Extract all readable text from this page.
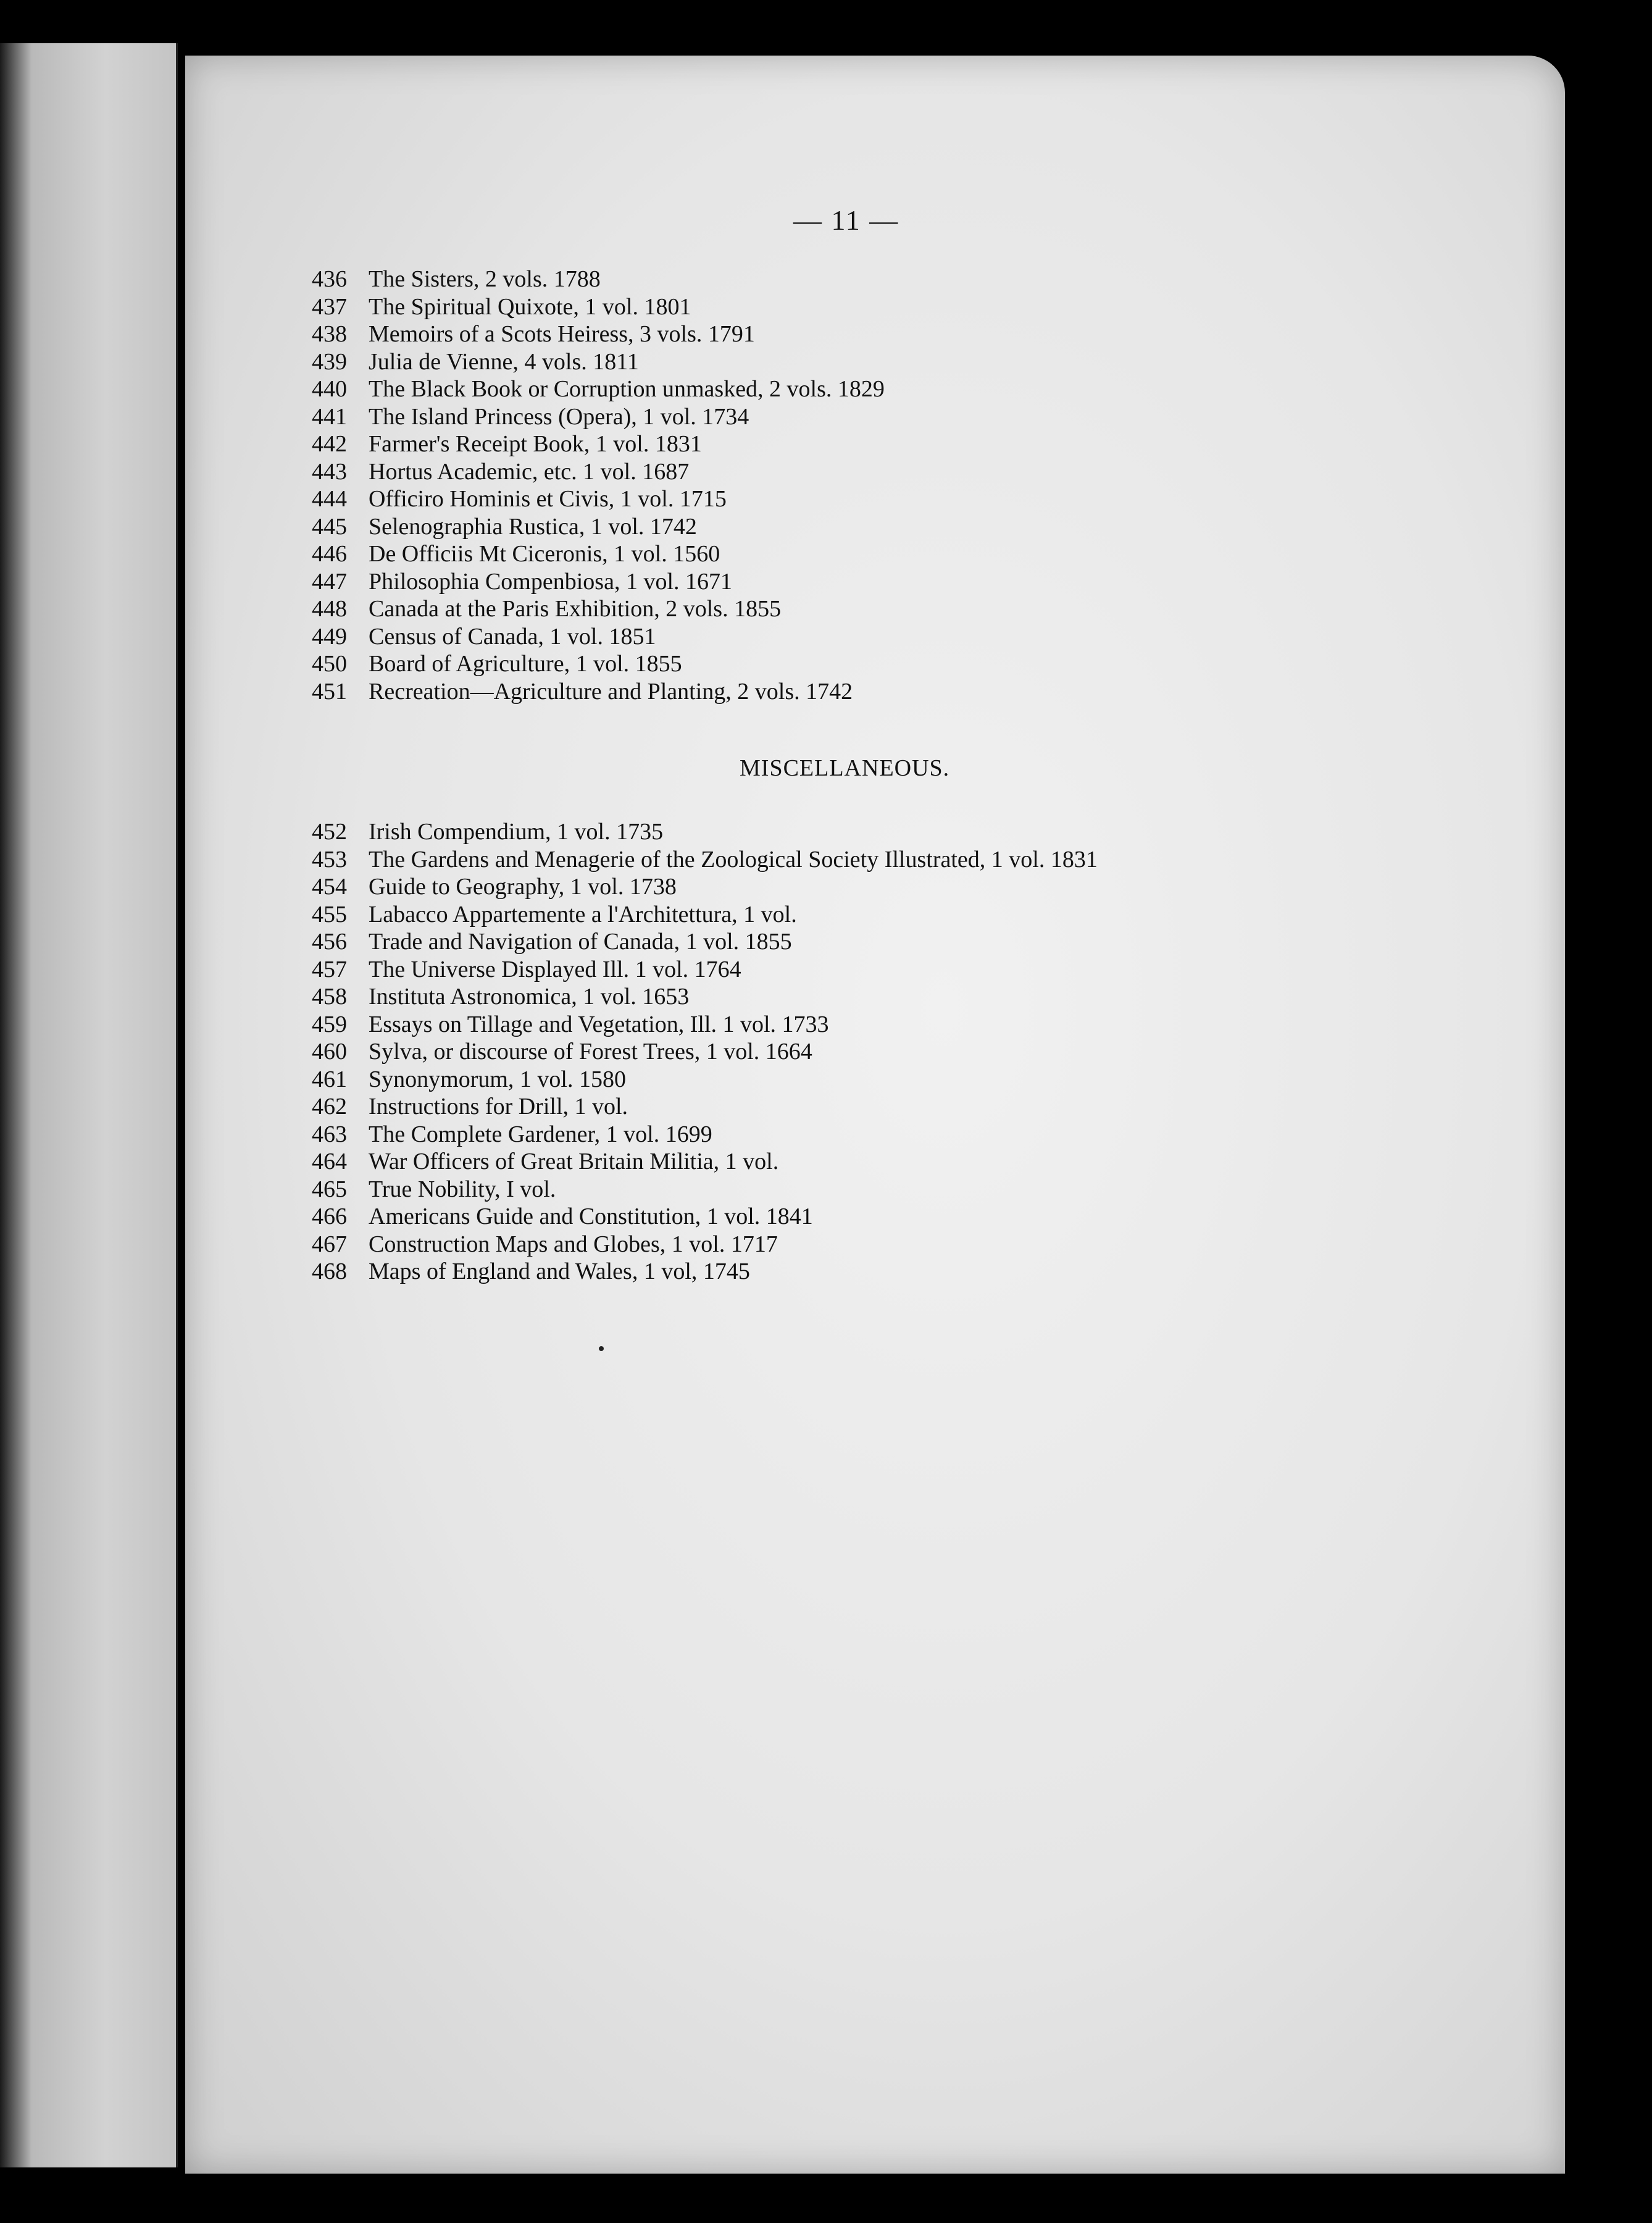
— 11 —
436 The Sisters, 2 vols. 1788
437 The Spiritual Quixote, 1 vol. 1801
438 Memoirs of a Scots Heiress, 3 vols. 1791
439 Julia de Vienne, 4 vols. 1811
440 The Black Book or Corruption unmasked, 2 vols. 1829
441 The Island Princess (Opera), 1 vol. 1734
442 Farmer's Receipt Book, 1 vol. 1831
443 Hortus Academic, etc. 1 vol. 1687
444 Officiro Hominis et Civis, 1 vol. 1715
445 Selenographia Rustica, 1 vol. 1742
446 De Officiis Mt Ciceronis, 1 vol. 1560
447 Philosophia Compenbiosa, 1 vol. 1671
448 Canada at the Paris Exhibition, 2 vols. 1855
449 Census of Canada, 1 vol. 1851
450 Board of Agriculture, 1 vol. 1855
451 Recreation—Agriculture and Planting, 2 vols. 1742
MISCELLANEOUS.
452 Irish Compendium, 1 vol. 1735
453 The Gardens and Menagerie of the Zoological Society Illustrated, 1 vol. 1831
454 Guide to Geography, 1 vol. 1738
455 Labacco Appartemente a l'Architettura, 1 vol.
456 Trade and Navigation of Canada, 1 vol. 1855
457 The Universe Displayed Ill. 1 vol. 1764
458 Instituta Astronomica, 1 vol. 1653
459 Essays on Tillage and Vegetation, Ill. 1 vol. 1733
460 Sylva, or discourse of Forest Trees, 1 vol. 1664
461 Synonymorum, 1 vol. 1580
462 Instructions for Drill, 1 vol.
463 The Complete Gardener, 1 vol. 1699
464 War Officers of Great Britain Militia, 1 vol.
465 True Nobility, I vol.
466 Americans Guide and Constitution, 1 vol. 1841
467 Construction Maps and Globes, 1 vol. 1717
468 Maps of England and Wales, 1 vol, 1745
